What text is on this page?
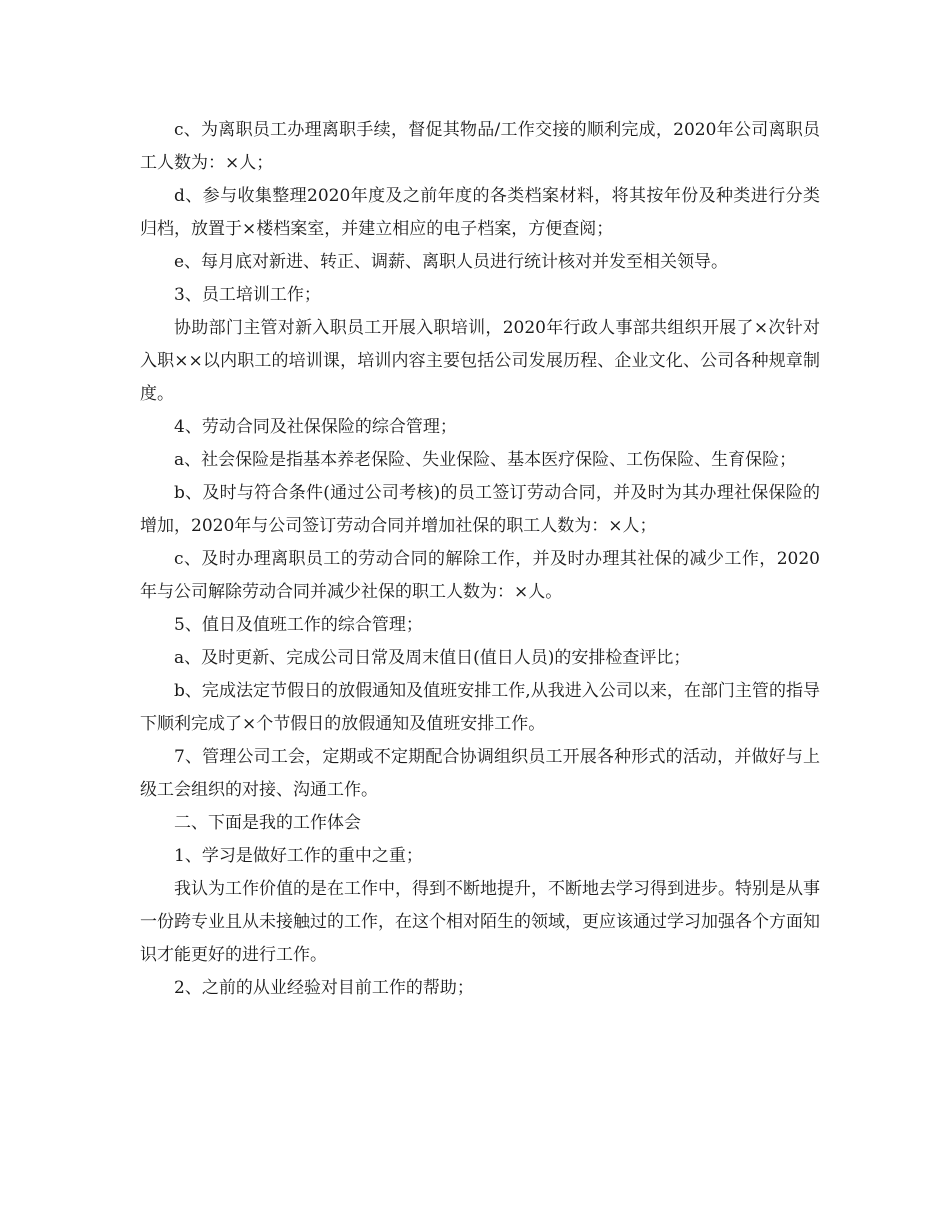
c、为离职员工办理离职手续，督促其物品/工作交接的顺利完成，2020年公司离职员工人数为：×人；

d、参与收集整理2020年度及之前年度的各类档案材料，将其按年份及种类进行分类归档，放置于×楼档案室，并建立相应的电子档案，方便查阅；

e、每月底对新进、转正、调薪、离职人员进行统计核对并发至相关领导。

3、员工培训工作；

协助部门主管对新入职员工开展入职培训，2020年行政人事部共组织开展了×次针对入职××以内职工的培训课，培训内容主要包括公司发展历程、企业文化、公司各种规章制度。

4、劳动合同及社保保险的综合管理；

a、社会保险是指基本养老保险、失业保险、基本医疗保险、工伤保险、生育保险；

b、及时与符合条件(通过公司考核)的员工签订劳动合同，并及时为其办理社保保险的增加，2020年与公司签订劳动合同并增加社保的职工人数为：×人；

c、及时办理离职员工的劳动合同的解除工作，并及时办理其社保的减少工作，2020年与公司解除劳动合同并减少社保的职工人数为：×人。

5、值日及值班工作的综合管理；

a、及时更新、完成公司日常及周末值日(值日人员)的安排检查评比；

b、完成法定节假日的放假通知及值班安排工作,从我进入公司以来，在部门主管的指导下顺利完成了×个节假日的放假通知及值班安排工作。

7、管理公司工会，定期或不定期配合协调组织员工开展各种形式的活动，并做好与上级工会组织的对接、沟通工作。

二、下面是我的工作体会

1、学习是做好工作的重中之重；

我认为工作价值的是在工作中，得到不断地提升，不断地去学习得到进步。特别是从事一份跨专业且从未接触过的工作，在这个相对陌生的领域，更应该通过学习加强各个方面知识才能更好的进行工作。

2、之前的从业经验对目前工作的帮助；
